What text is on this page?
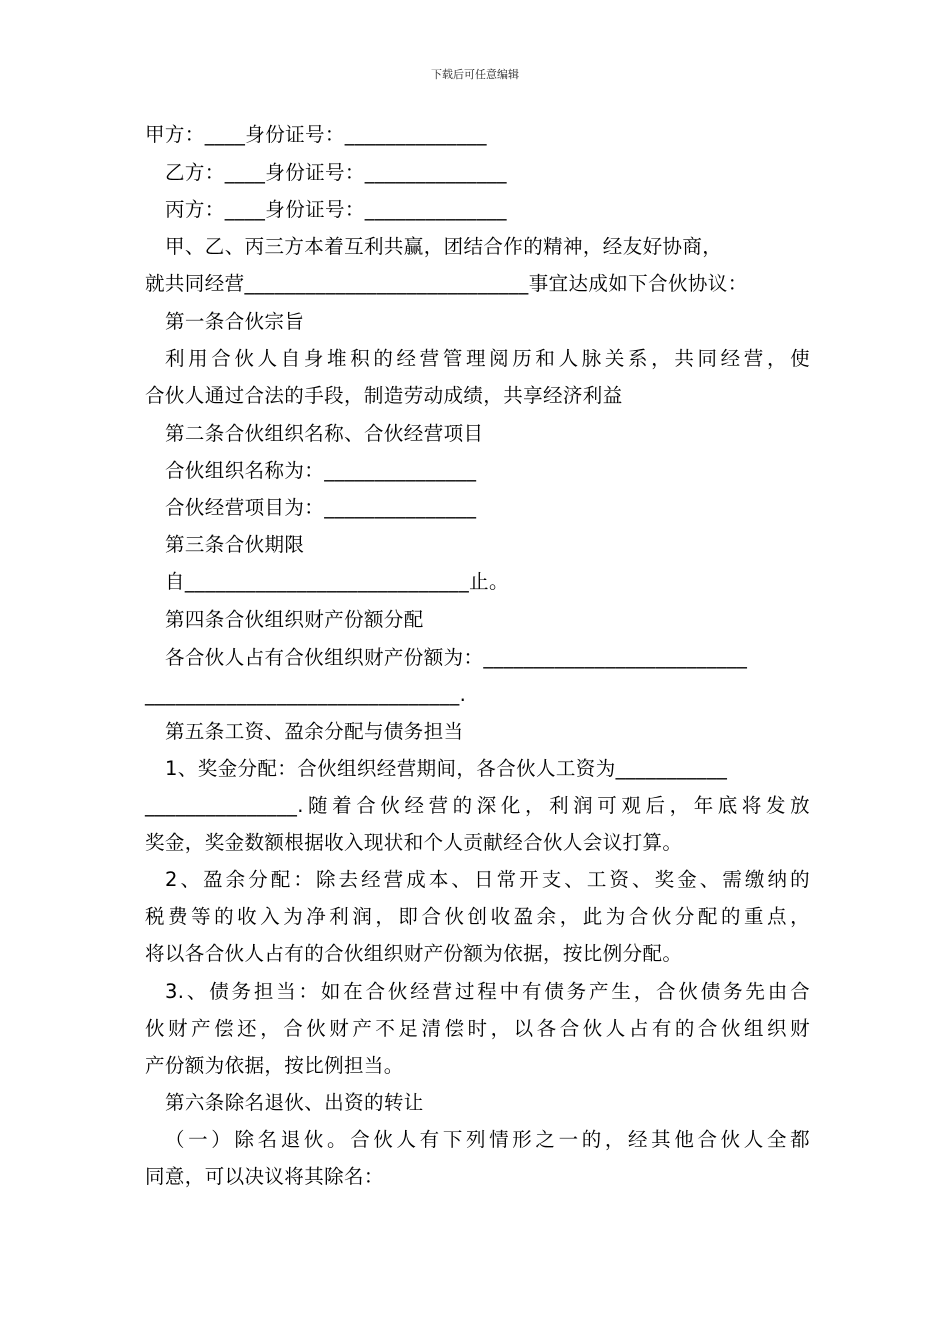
下载后可任意编辑
甲方：____身份证号：______________
乙方：____身份证号：______________
丙方：____身份证号：______________
甲、乙、丙三方本着互利共赢，团结合作的精神，经友好协商，
就共同经营____________________________事宜达成如下合伙协议：
第一条合伙宗旨
利用合伙人自身堆积的经营管理阅历和人脉关系，共同经营，使
合伙人通过合法的手段，制造劳动成绩，共享经济利益
第二条合伙组织名称、合伙经营项目
合伙组织名称为：_______________
合伙经营项目为：_______________
第三条合伙期限
自____________________________止。
第四条合伙组织财产份额分配
各合伙人占有合伙组织财产份额为：__________________________
_______________________________.
第五条工资、盈余分配与债务担当
1、奖金分配：合伙组织经营期间，各合伙人工资为___________
_______________.随着合伙经营的深化，利润可观后，年底将发放
奖金，奖金数额根据收入现状和个人贡献经合伙人会议打算。
2、盈余分配：除去经营成本、日常开支、工资、奖金、需缴纳的
税费等的收入为净利润，即合伙创收盈余，此为合伙分配的重点，
将以各合伙人占有的合伙组织财产份额为依据，按比例分配。
3.、债务担当：如在合伙经营过程中有债务产生，合伙债务先由合
伙财产偿还，合伙财产不足清偿时，以各合伙人占有的合伙组织财
产份额为依据，按比例担当。
第六条除名退伙、出资的转让
（一）除名退伙。合伙人有下列情形之一的，经其他合伙人全都
同意，可以决议将其除名：
